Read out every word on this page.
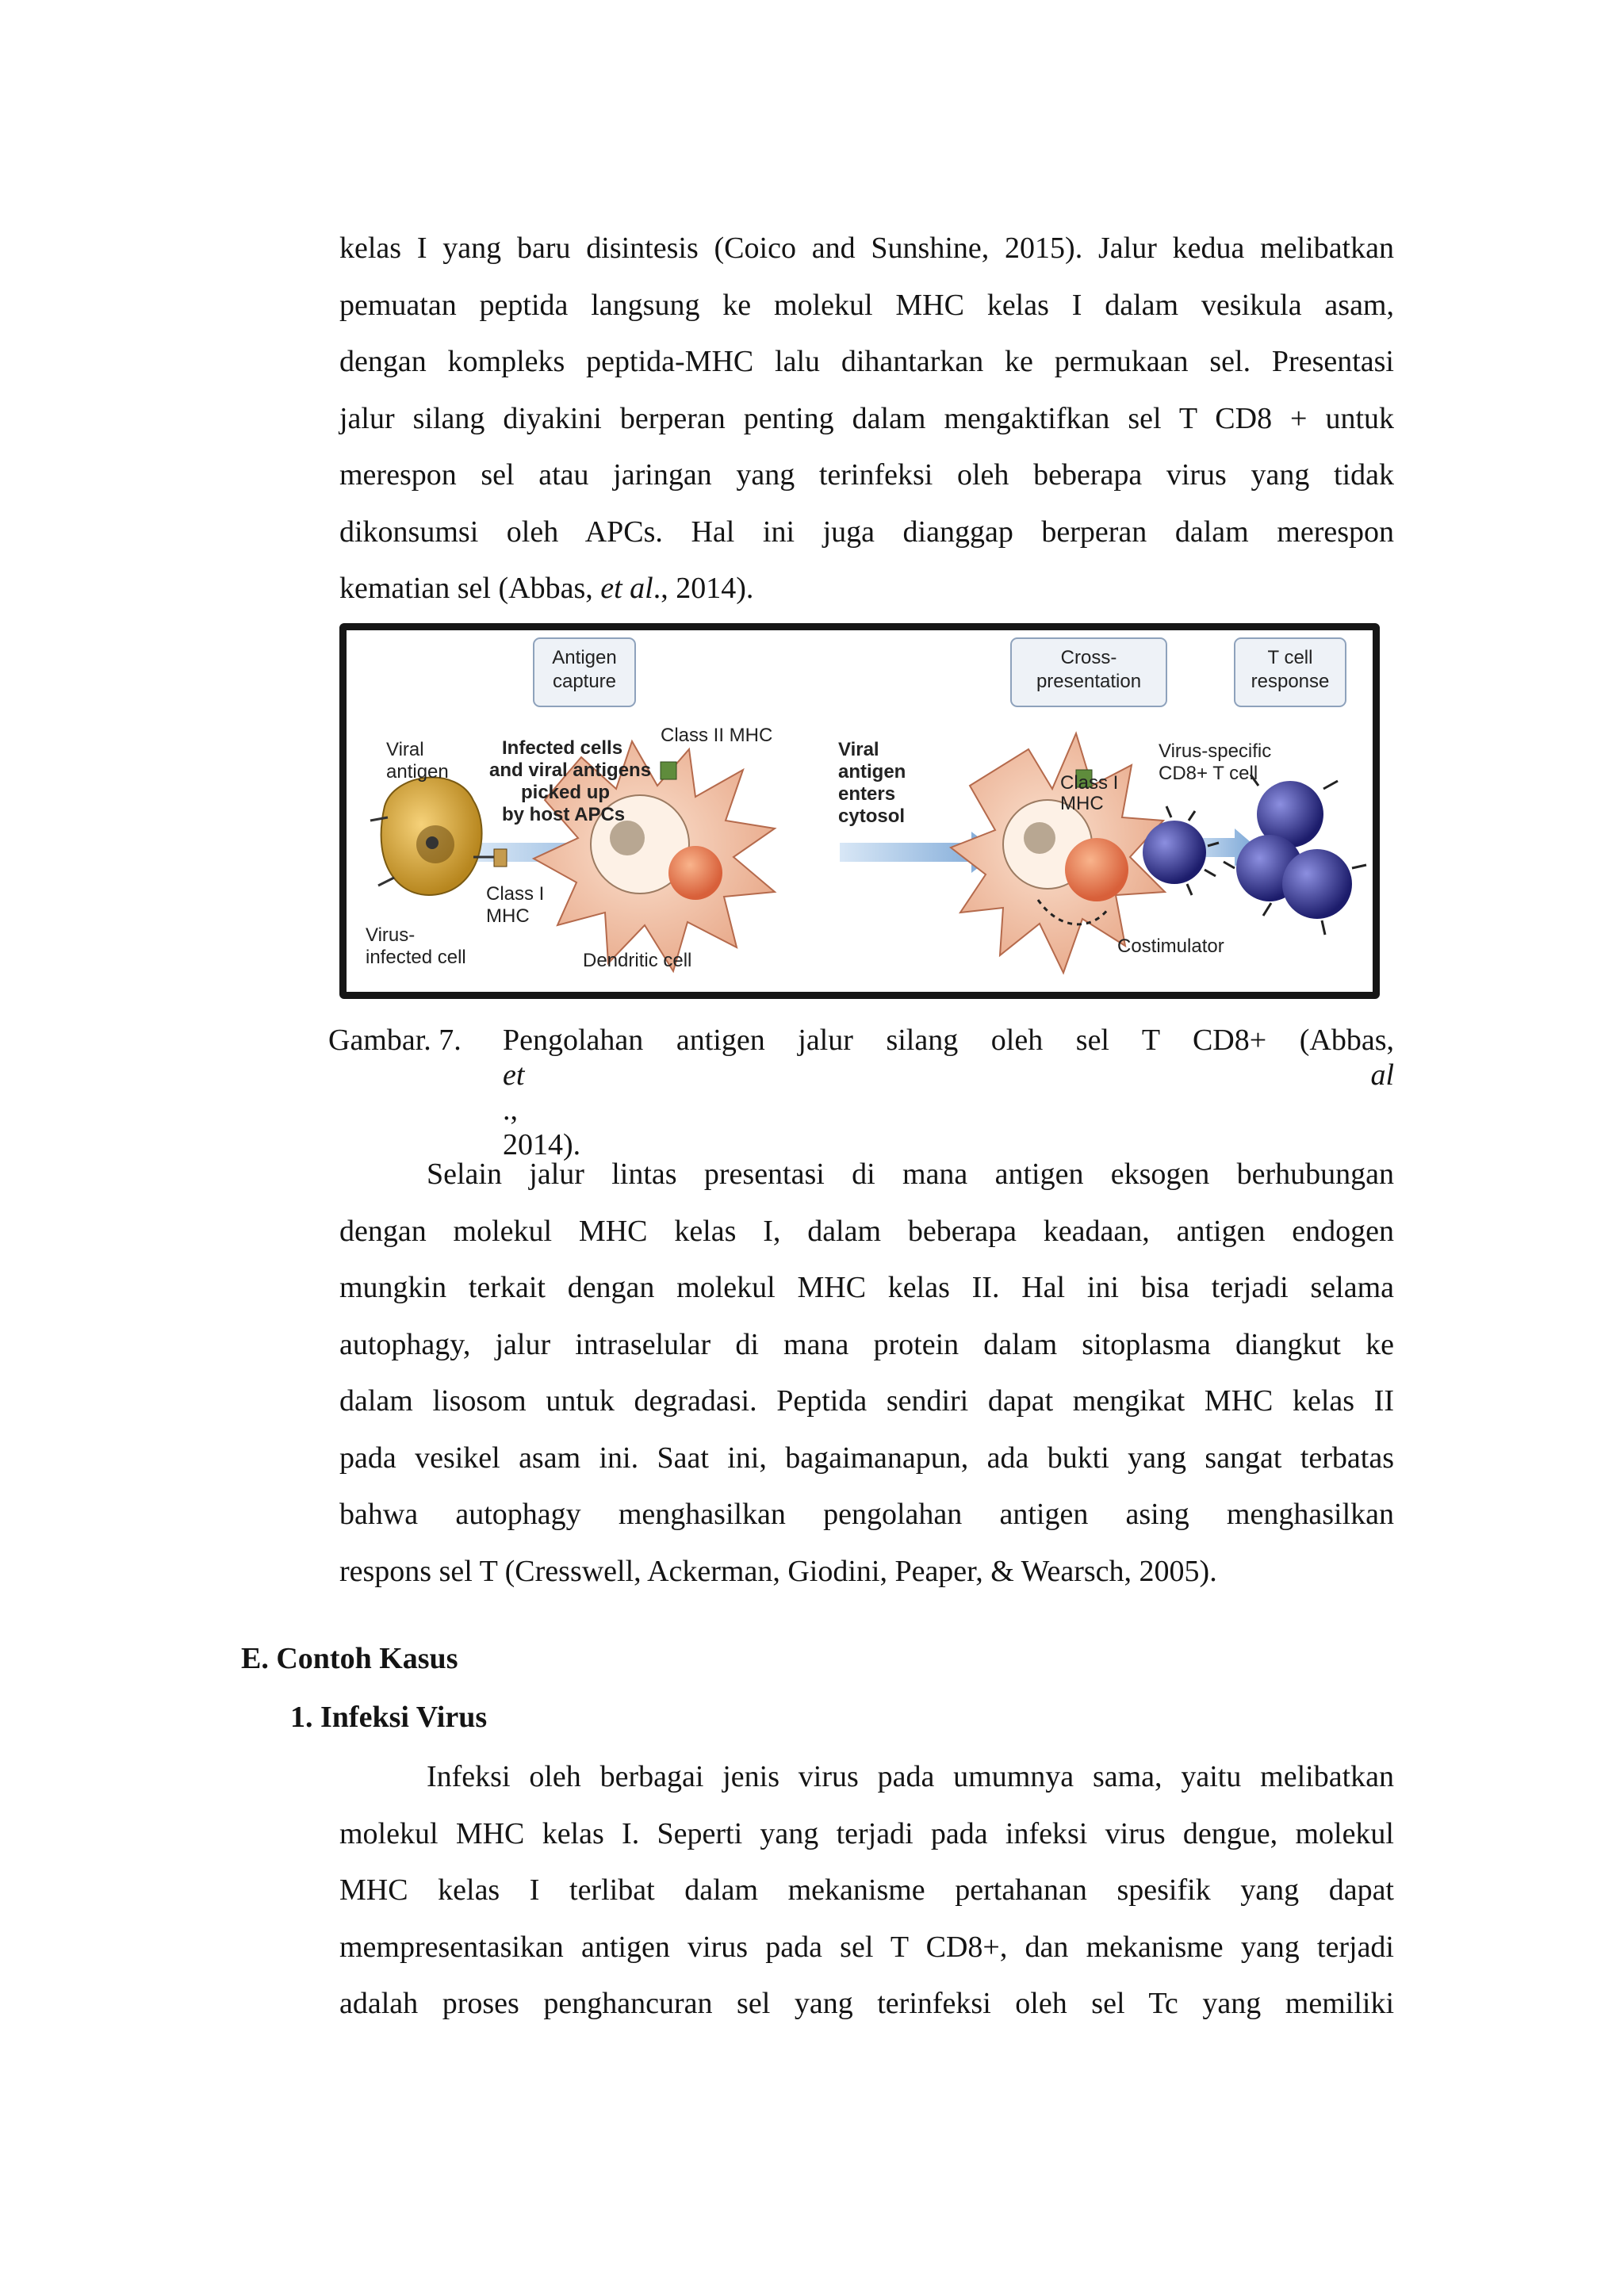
kelas I yang baru disintesis (Coico and Sunshine, 2015). Jalur kedua melibatkan

pemuatan peptida langsung ke molekul MHC kelas I dalam vesikula asam,

dengan kompleks peptida-MHC lalu dihantarkan ke permukaan sel. Presentasi

jalur silang diyakini berperan penting dalam mengaktifkan sel T CD8 + untuk

merespon sel atau jaringan yang terinfeksi oleh beberapa virus yang tidak

dikonsumsi oleh APCs. Hal ini juga dianggap berperan dalam merespon

kematian sel (Abbas, et al., 2014).

Antigen
capture
Cross-
presentation
T cell
response
Viral
antigen
Infected cells
and viral antigens
picked up
by host APCs
Class II MHC
Viral
antigen
enters
cytosol
Class I
MHC
Virus-specific
CD8+ T cell
Class I
MHC
Virus-
infected cell	Dendritic cell
Costimulator
Gambar. 7. Pengolahan antigen jalur silang oleh sel T CD8+ (Abbas,
et al
.,
2014).

Selain jalur lintas presentasi di mana antigen eksogen berhubungan

dengan molekul MHC kelas I, dalam beberapa keadaan, antigen endogen

mungkin terkait dengan molekul MHC kelas II. Hal ini bisa terjadi selama

autophagy, jalur intraselular di mana protein dalam sitoplasma diangkut ke

dalam lisosom untuk degradasi. Peptida sendiri dapat mengikat MHC kelas II

pada vesikel asam ini. Saat ini, bagaimanapun, ada bukti yang sangat terbatas

bahwa autophagy menghasilkan pengolahan antigen asing menghasilkan

respons sel T (Cresswell, Ackerman, Giodini, Peaper, & Wearsch, 2005).

E. Contoh Kasus
1. Infeksi Virus

Infeksi oleh berbagai jenis virus pada umumnya sama, yaitu melibatkan

molekul MHC kelas I. Seperti yang terjadi pada infeksi virus dengue, molekul

MHC kelas I terlibat dalam mekanisme pertahanan spesifik yang dapat

mempresentasikan antigen virus pada sel T CD8+, dan mekanisme yang terjadi

adalah proses penghancuran sel yang terinfeksi oleh sel Tc yang memiliki
